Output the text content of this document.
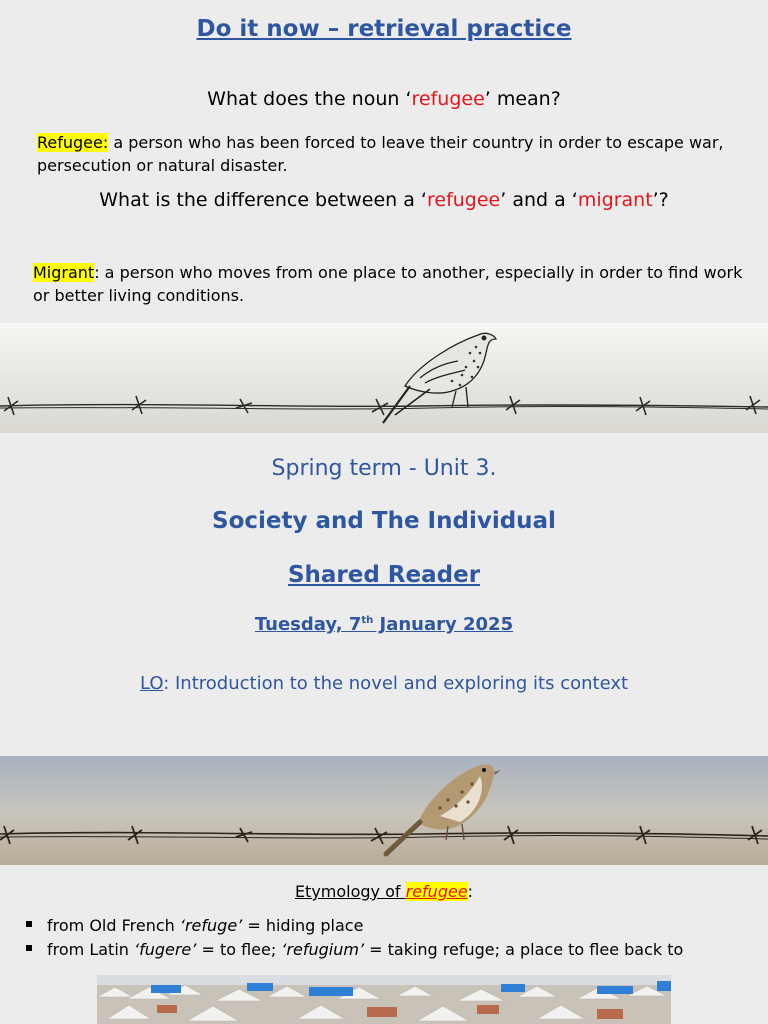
Do it now – retrieval practice
What does the noun ‘refugee’ mean?
Refugee: a person who has been forced to leave their country in order to escape war, persecution or natural disaster.
What is the difference between a ‘refugee’ and a ‘migrant’?
Migrant: a person who moves from one place to another, especially in order to find work or better living conditions.
Spring term - Unit 3.
Society and The Individual
Shared Reader
Tuesday, 7th January 2025
LO: Introduction to the novel and exploring its context
Etymology of refugee:
from Old French ‘refuge’ = hiding place
from Latin ‘fugere’ = to flee; ‘refugium’ = taking refuge; a place to flee back to
